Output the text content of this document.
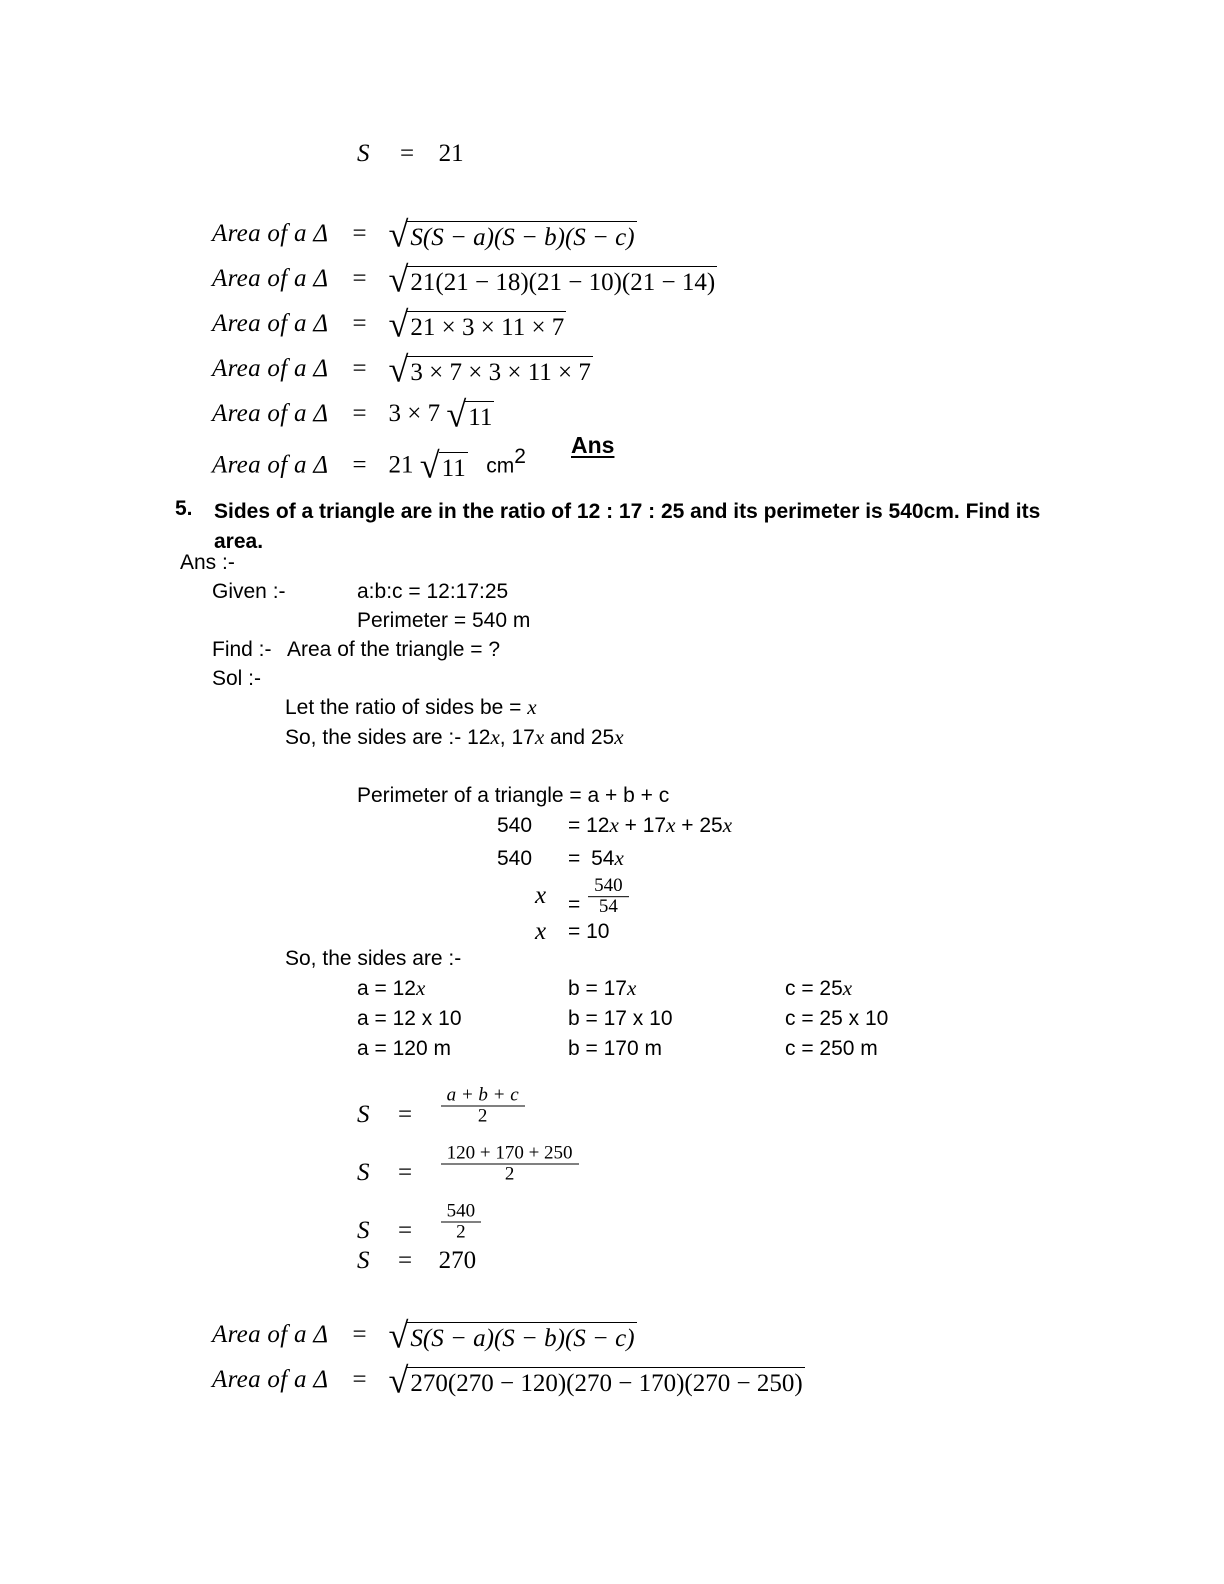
S = 21
Area of a Δ = √ S(S − a)(S − b)(S − c)
Area of a Δ = √ 21(21 − 18)(21 − 10)(21 − 14)
Area of a Δ = √ 21 × 3 × 11 × 7
Area of a Δ = √ 3 × 7 × 3 × 11 × 7
Area of a Δ = 3 × 7 √ 11
Area of a Δ = 21 √ 11 $cm^2$ Ans
5. Sides of a triangle are in the ratio of 12 : 17 : 25 and its perimeter is 540cm. Find its area.
Ans :-
Given :-	a:b:c = 12:17:25
Perimeter = 540 m
Find :- Area of the triangle = ?
Sol :-
Let the ratio of sides be = x
So, the sides are :- 12x, 17x and 25x
Perimeter of a triangle = a + b + c
540 = 12x + 17x + 25x
540 = 54x
$x = \frac{540}{54}$
x = 10
So, the sides are :-
a = 12x
a = 12 x 10
a = 120 m
b = 17x
b = 17 x 10
b = 170 m
c = 25x
c = 25 x 10
c = 250 m
$S = \frac{a + b + c}{2}$
$S = \frac{120 + 170 + 250}{2}$
$S = \frac{540}{2}$
S = 270
Area of a Δ = √ S(S − a)(S − b)(S − c)
Area of a Δ = √ 270(270 − 120)(270 − 170)(270 − 250)
